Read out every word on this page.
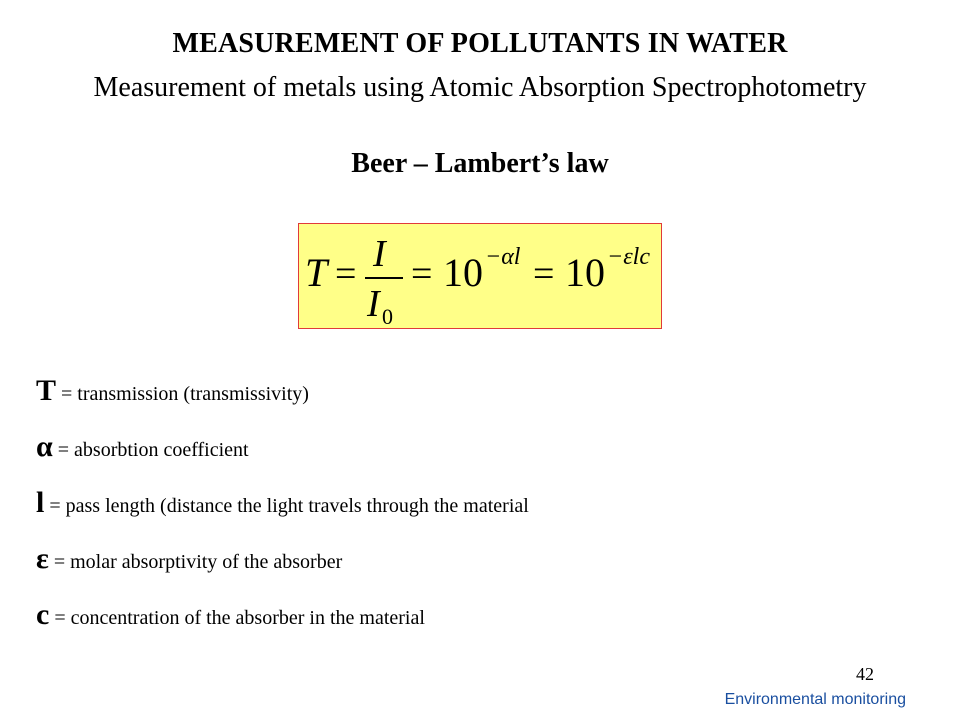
MEASUREMENT OF POLLUTANTS IN WATER
Measurement of metals using Atomic Absorption Spectrophotometry
Beer – Lambert’s law
T = I
I 0
= 10 −αl = 10 −εlc
T = transmission (transmissivity)
α = absorbtion coefficient
l = pass length (distance the light travels through the material
ε = molar absorptivity of the absorber
c = concentration of the absorber in the material
42
Environmental monitoring
